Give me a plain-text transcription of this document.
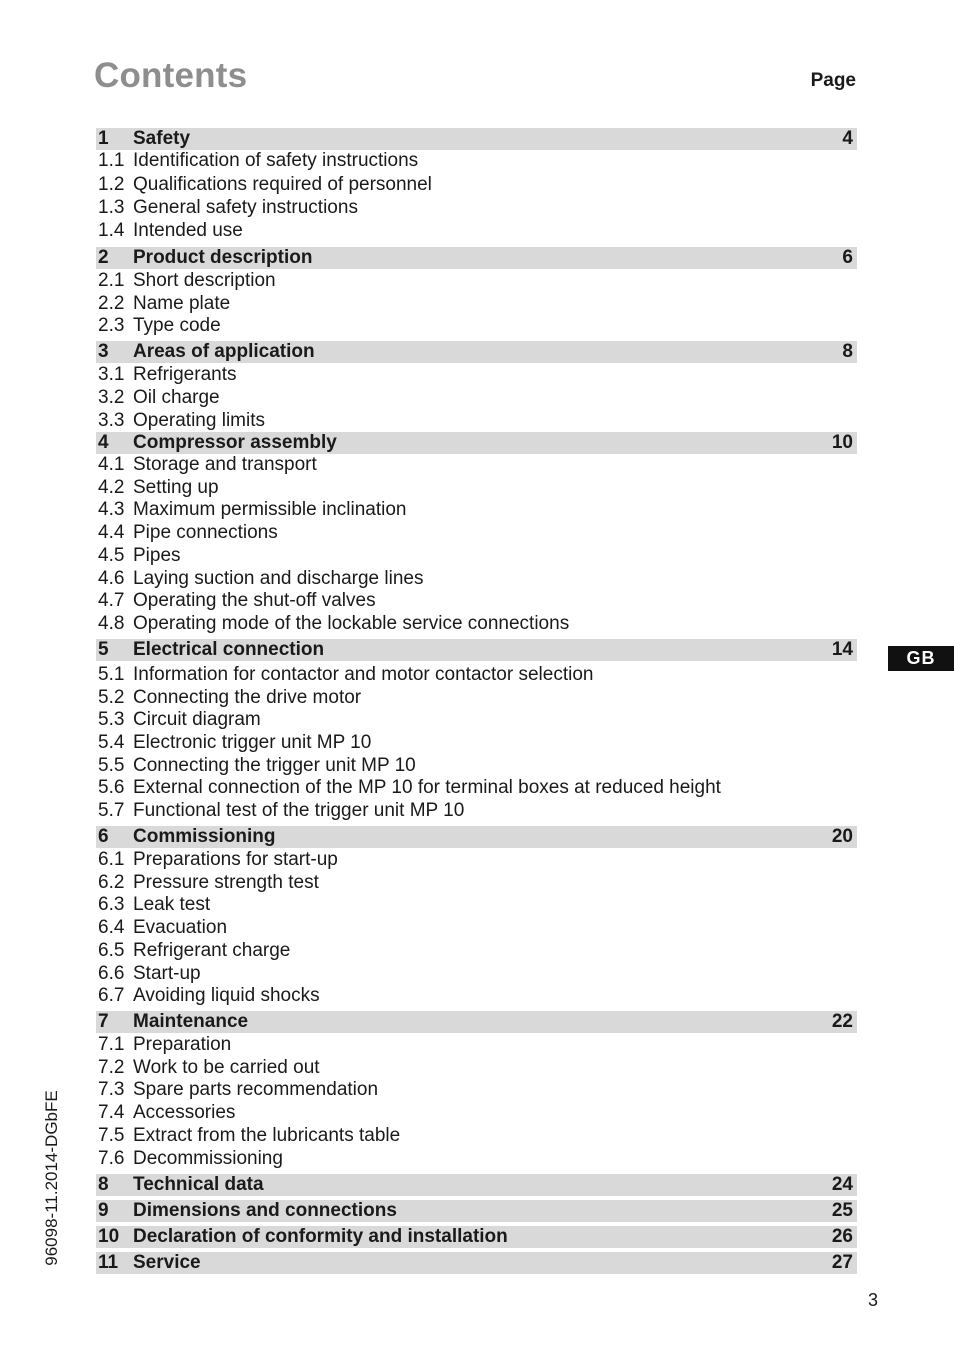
Contents	Page
1 Safety	4
1.1 Identification of safety instructions
1.2 Qualifications required of personnel
1.3 General safety instructions
1.4 Intended use
2 Product description	6
2.1 Short description
2.2 Name plate
2.3 Type code
3 Areas of application	8
3.1 Refrigerants
3.2 Oil charge
3.3 Operating limits
4 Compressor assembly	10
4.1 Storage and transport
4.2 Setting up
4.3 Maximum permissible inclination
4.4 Pipe connections
4.5 Pipes
4.6 Laying suction and discharge lines
4.7 Operating the shut-off valves
4.8 Operating mode of the lockable service connections
5 Electrical connection	14
5.1 Information for contactor and motor contactor selection
5.2 Connecting the drive motor
5.3 Circuit diagram
5.4 Electronic trigger unit MP 10
5.5 Connecting the trigger unit MP 10
5.6 External connection of the MP 10 for terminal boxes at reduced height
5.7 Functional test of the trigger unit MP 10
6 Commissioning	20
6.1 Preparations for start-up
6.2 Pressure strength test
6.3 Leak test
6.4 Evacuation
6.5 Refrigerant charge
6.6 Start-up
6.7 Avoiding liquid shocks
7 Maintenance	22
7.1 Preparation
7.2 Work to be carried out
7.3 Spare parts recommendation
7.4 Accessories
7.5 Extract from the lubricants table
7.6 Decommissioning
8 Technical data	24
9 Dimensions and connections	25
10 Declaration of conformity and installation	26
11 Service	27
GB
96098-11.2014-DGbFE
3
